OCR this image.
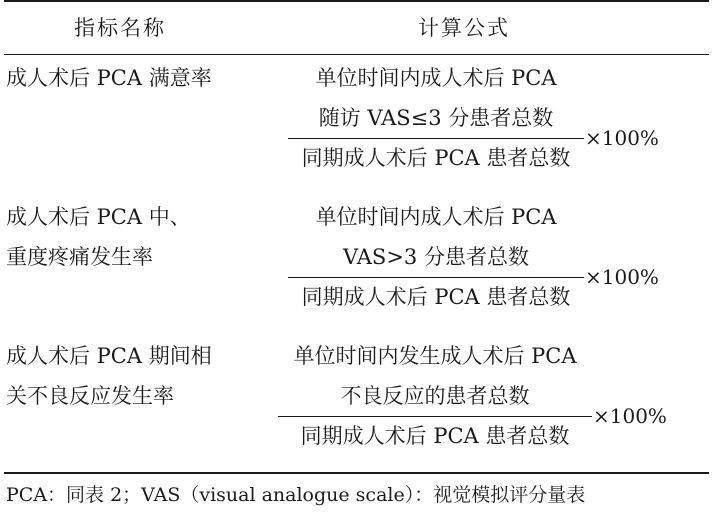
指标名称	计算公式
成人术后 PCA 满意率	单位时间内成人术后 PCA
随访 VAS≤3 分患者总数
同期成人术后 PCA 患者总数
×100%
成人术后 PCA 中、
重度疼痛发生率
单位时间内成人术后 PCA
VAS>3 分患者总数
同期成人术后 PCA 患者总数
×100%
成人术后 PCA 期间相
关不良反应发生率
单位时间内发生成人术后 PCA
不良反应的患者总数
同期成人术后 PCA 患者总数
×100%
PCA：同表 2；VAS（visual analogue scale）：视觉模拟评分量表
